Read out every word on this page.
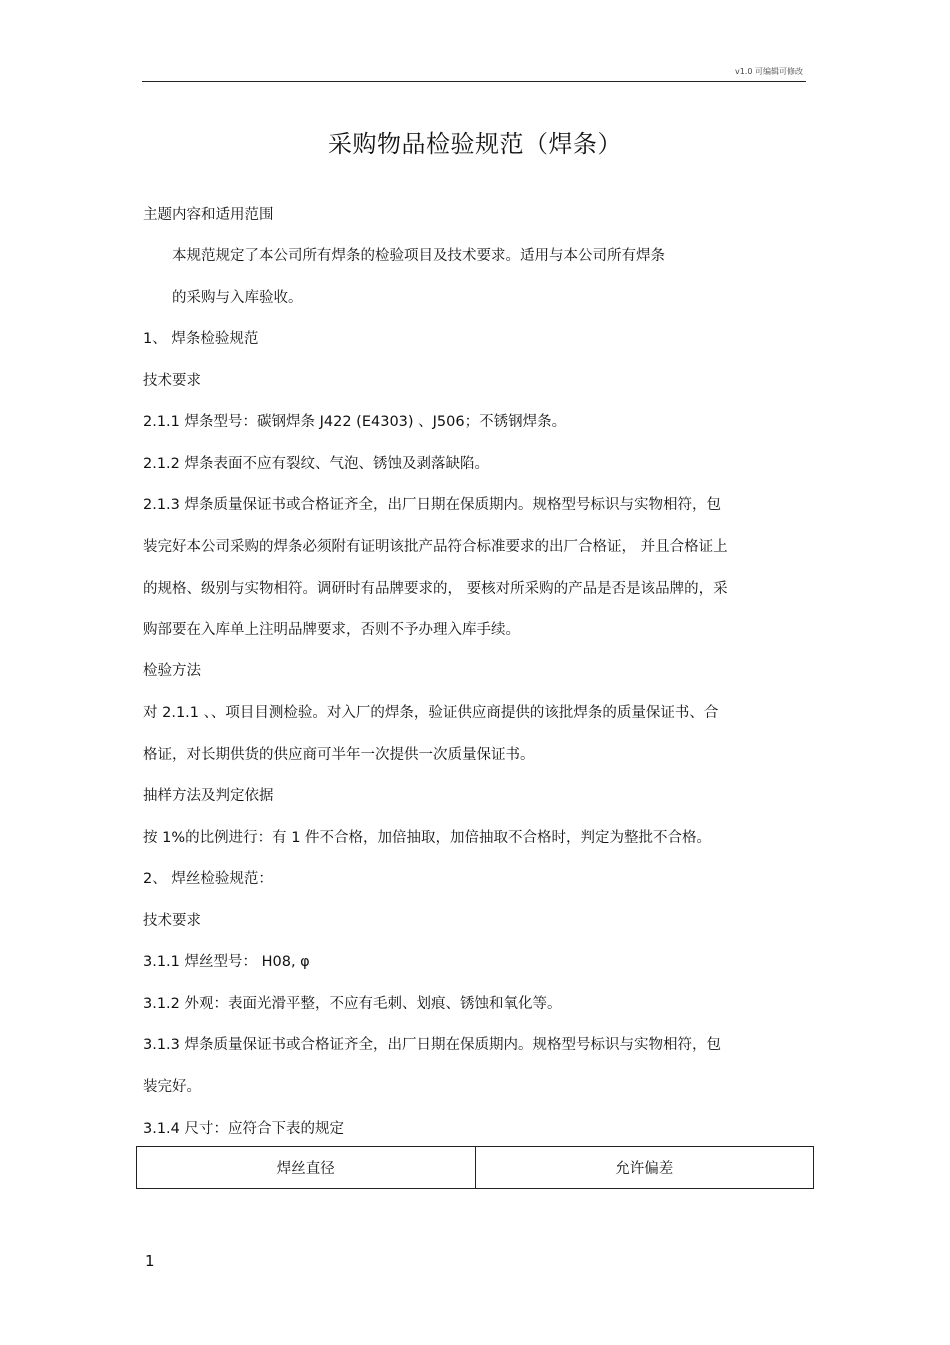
v1.0 可编辑可修改
采购物品检验规范（焊条）
主题内容和适用范围
本规范规定了本公司所有焊条的检验项目及技术要求。适用与本公司所有焊条
的采购与入库验收。
1、 焊条检验规范
技术要求
2.1.1 焊条型号：碳钢焊条 J422 (E4303) 、J506；不锈钢焊条。
2.1.2 焊条表面不应有裂纹、气泡、锈蚀及剥落缺陷。
2.1.3 焊条质量保证书或合格证齐全，出厂日期在保质期内。规格型号标识与实物相符，包
装完好本公司采购的焊条必须附有证明该批产品符合标准要求的出厂合格证， 并且合格证上
的规格、级别与实物相符。调研时有品牌要求的， 要核对所采购的产品是否是该品牌的，采
购部要在入库单上注明品牌要求，否则不予办理入库手续。
检验方法
对 2.1.1 、、项目目测检验。对入厂的焊条，验证供应商提供的该批焊条的质量保证书、合
格证，对长期供货的供应商可半年一次提供一次质量保证书。
抽样方法及判定依据
按 1%的比例进行：有 1 件不合格，加倍抽取，加倍抽取不合格时，判定为整批不合格。
2、 焊丝检验规范：
技术要求
3.1.1 焊丝型号： H08, φ
3.1.2 外观：表面光滑平整，不应有毛刺、划痕、锈蚀和氧化等。
3.1.3 焊条质量保证书或合格证齐全，出厂日期在保质期内。规格型号标识与实物相符，包
装完好。
3.1.4 尺寸：应符合下表的规定
焊丝直径	允许偏差
1
